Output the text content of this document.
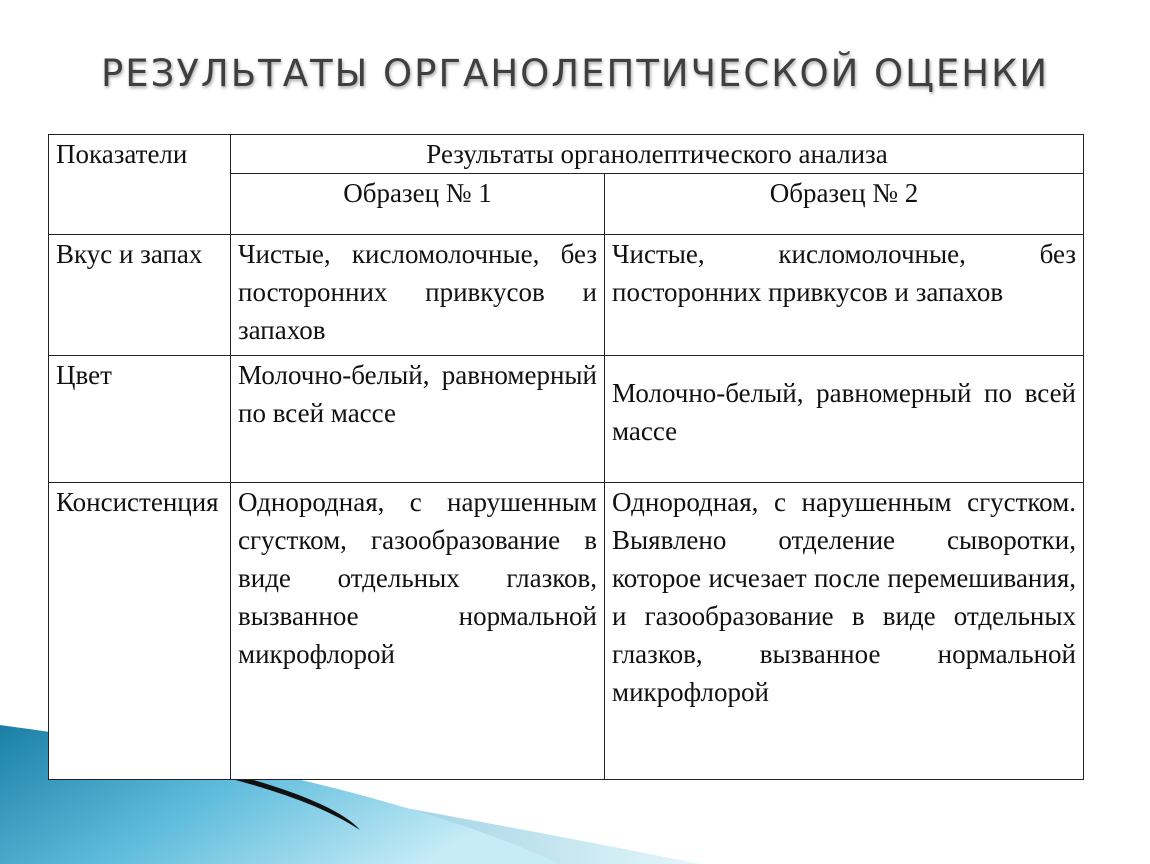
РЕЗУЛЬТАТЫ ОРГАНОЛЕПТИЧЕСКОЙ ОЦЕНКИ
Показатели	Результаты органолептического анализа	
	Образец № 1	Образец № 2
Вкус и запах	Чистые, кисломолочные, без посторонних привкусов и запахов	Чистые, кисломолочные, без посторонних привкусов и запахов
Цвет	Молочно-белый, равномерный по всей массе	Молочно-белый, равномерный по всей массе
Консистенция	Однородная, с нарушенным сгустком, газообразование в виде отдельных глазков, вызванное нормальной микрофлорой	Однородная, с нарушенным сгустком. Выявлено отделение сыворотки, которое исчезает после перемешивания, и газообразование в виде отдельных глазков, вызванное нормальной микрофлорой
